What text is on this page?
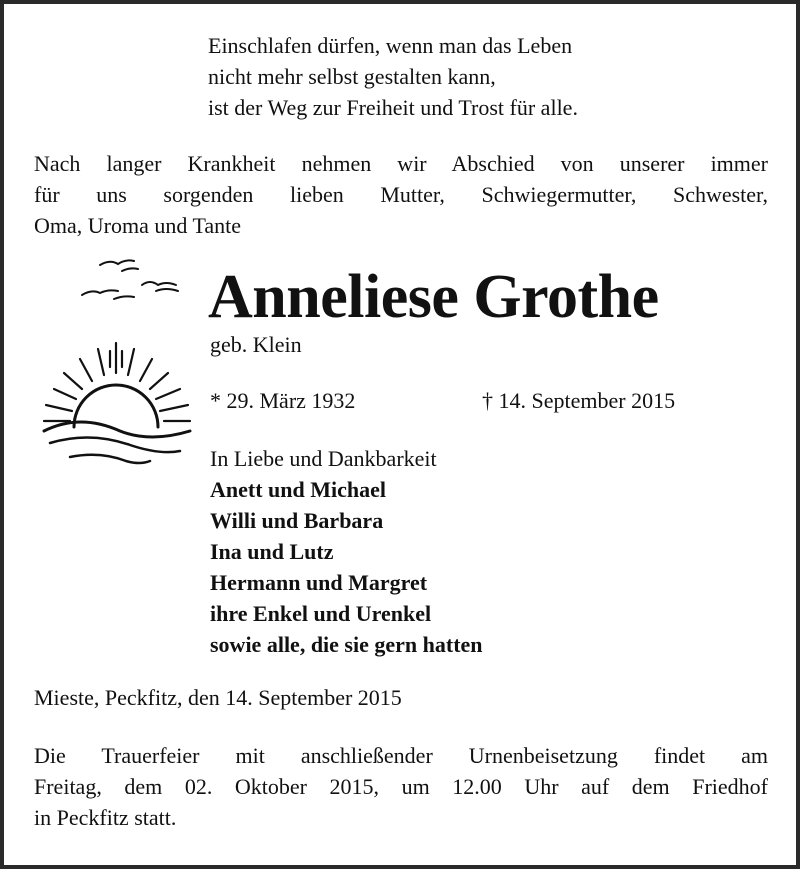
Einschlafen dürfen, wenn man das Leben
nicht mehr selbst gestalten kann,
ist der Weg zur Freiheit und Trost für alle.
Nach langer Krankheit nehmen wir Abschied von unserer immer
für uns sorgenden lieben Mutter, Schwiegermutter, Schwester,
Oma, Uroma und Tante
Anneliese Grothe
geb. Klein
* 29. März 1932	† 14. September 2015
In Liebe und Dankbarkeit
Anett und Michael
Willi und Barbara
Ina und Lutz
Hermann und Margret
ihre Enkel und Urenkel
sowie alle, die sie gern hatten
Mieste, Peckfitz, den 14. September 2015
Die Trauerfeier mit anschließender Urnenbeisetzung findet am
Freitag, dem 02. Oktober 2015, um 12.00 Uhr auf dem Friedhof
in Peckfitz statt.
